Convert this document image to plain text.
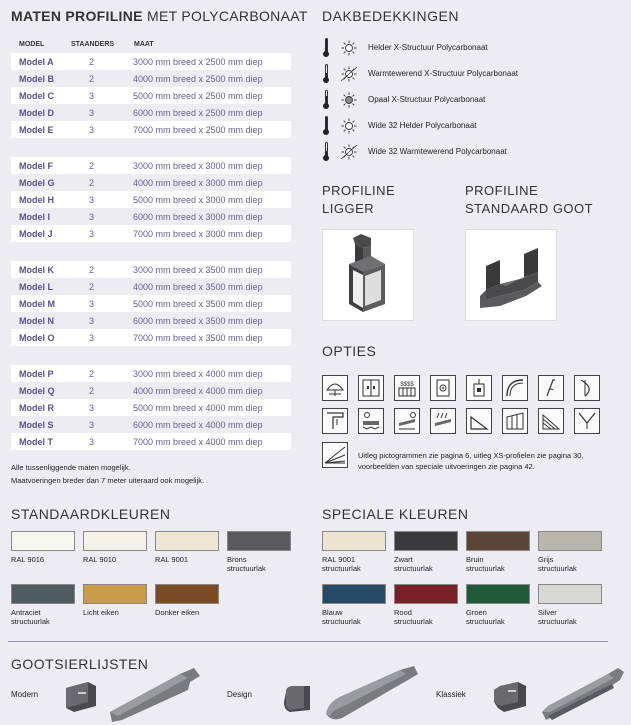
MATEN PROFILINE MET POLYCARBONAAT
MODEL	STAANDERS	MAAT
Model A	2	3000 mm breed x 2500 mm diep
Model B	2	4000 mm breed x 2500 mm diep
Model C	3	5000 mm breed x 2500 mm diep
Model D	3	6000 mm breed x 2500 mm diep
Model E	3	7000 mm breed x 2500 mm diep
Model F	2	3000 mm breed x 3000 mm diep
Model G	2	4000 mm breed x 3000 mm diep
Model H	3	5000 mm breed x 3000 mm diep
Model I	3	6000 mm breed x 3000 mm diep
Model J	3	7000 mm breed x 3000 mm diep
Model K	2	3000 mm breed x 3500 mm diep
Model L	2	4000 mm breed x 3500 mm diep
Model M	3	5000 mm breed x 3500 mm diep
Model N	3	6000 mm breed x 3500 mm diep
Model O	3	7000 mm breed x 3500 mm diep
Model P	2	3000 mm breed x 4000 mm diep
Model Q	2	4000 mm breed x 4000 mm diep
Model R	3	5000 mm breed x 4000 mm diep
Model S	3	6000 mm breed x 4000 mm diep
Model T	3	7000 mm breed x 4000 mm diep
Alle tussenliggende maten mogelijk.
Maatvoeringen breder dan 7 meter uiteraard ook mogelijk.
DAKBEDEKKINGEN
Helder X-Structuur Polycarbonaat
Warmtewerend X-Structuur Polycarbonaat
Opaal X-Structuur Polycarbonaat
Wide 32 Helder Polycarbonaat
Wide 32 Warmtewerend Polycarbonaat
PROFILINE
LIGGER
PROFILINE
STANDAARD GOOT
OPTIES
$$$$
Uitleg pictogrammen zie pagina 6, uitleg XS-profielen zie pagina 30,
voorbeelden van speciale uitvoeringen zie pagina 42.
STANDAARDKLEUREN
RAL 9016	RAL 9010	RAL 9001	Brons
structuurlak
Antraciet
structuurlak
Licht eiken	Donker eiken
SPECIALE KLEUREN
RAL 9001
structuurlak
Zwart
structuurlak
Bruin
structuurlak
Grijs
structuurlak
Blauw
structuurlak
Rood
structuurlak
Groen
structuurlak
Silver
structuurlak
GOOTSIERLIJSTEN
Modern	Design	Klassiek
